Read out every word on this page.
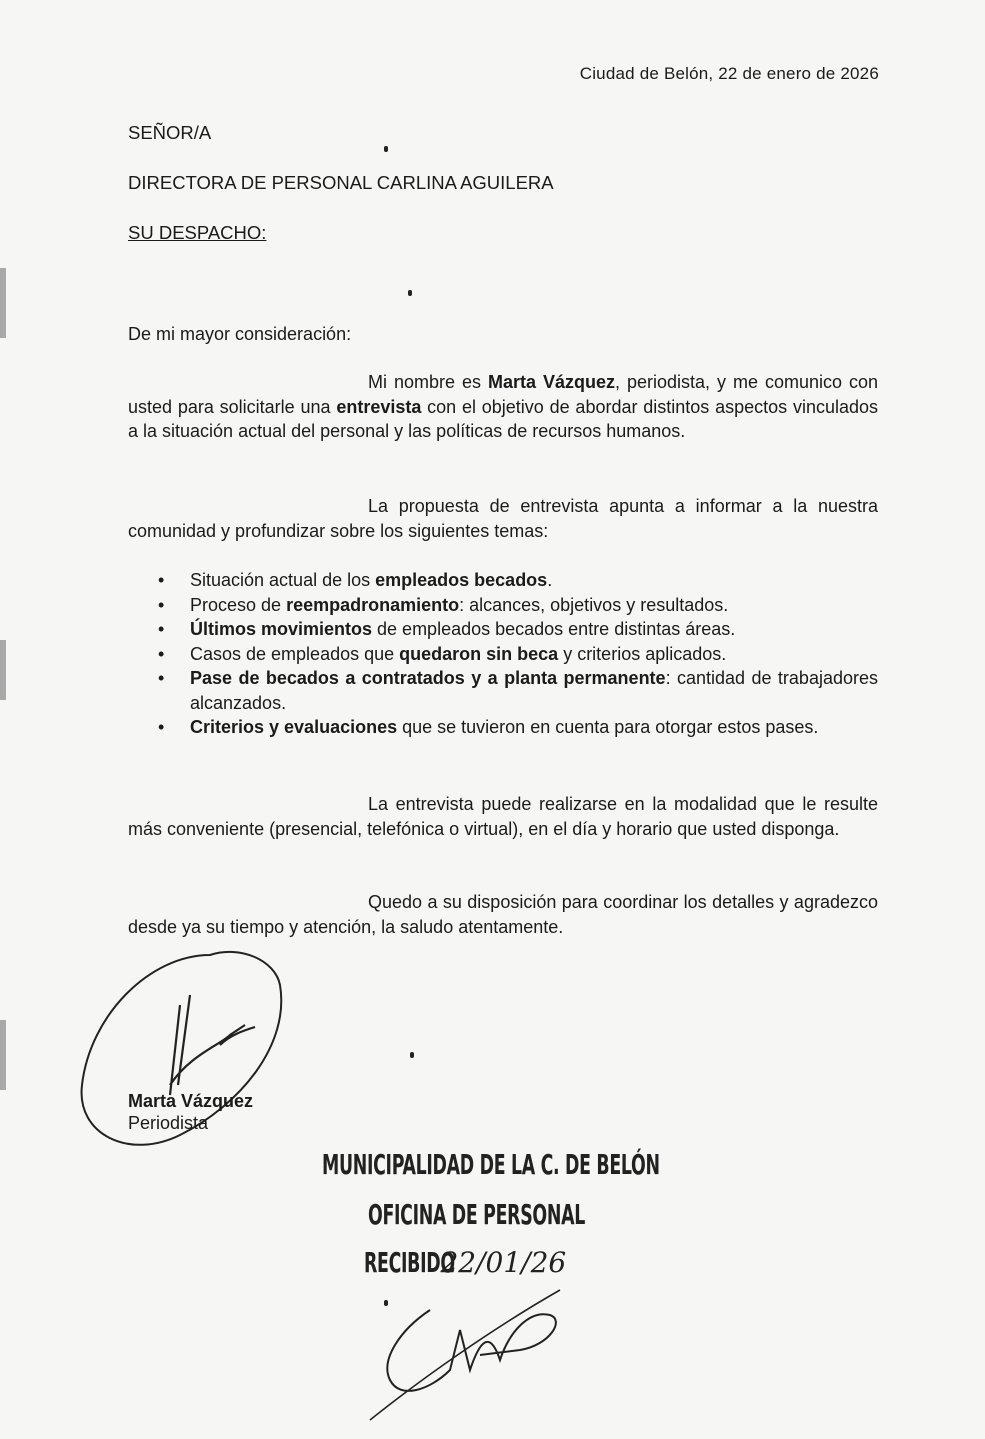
Ciudad de Belón, 22 de enero de 2026
SEÑOR/A
DIRECTORA DE PERSONAL CARLINA AGUILERA
SU DESPACHO:
De mi mayor consideración:
Mi nombre es Marta Vázquez, periodista, y me comunico con usted para solicitarle una entrevista con el objetivo de abordar distintos aspectos vinculados a la situación actual del personal y las políticas de recursos humanos.
La propuesta de entrevista apunta a informar a la nuestra comunidad y profundizar sobre los siguientes temas:
• Situación actual de los empleados becados.
• Proceso de reempadronamiento: alcances, objetivos y resultados.
• Últimos movimientos de empleados becados entre distintas áreas.
• Casos de empleados que quedaron sin beca y criterios aplicados.
• Pase de becados a contratados y a planta permanente: cantidad de trabajadores alcanzados.
• Criterios y evaluaciones que se tuvieron en cuenta para otorgar estos pases.
La entrevista puede realizarse en la modalidad que le resulte más conveniente (presencial, telefónica o virtual), en el día y horario que usted disponga.
Quedo a su disposición para coordinar los detalles y agradezco desde ya su tiempo y atención, la saludo atentamente.
Marta Vázquez
Periodista
MUNICIPALIDAD DE LA C. DE BELÓN
OFICINA DE PERSONAL
RECIBIDO 22/01/26
